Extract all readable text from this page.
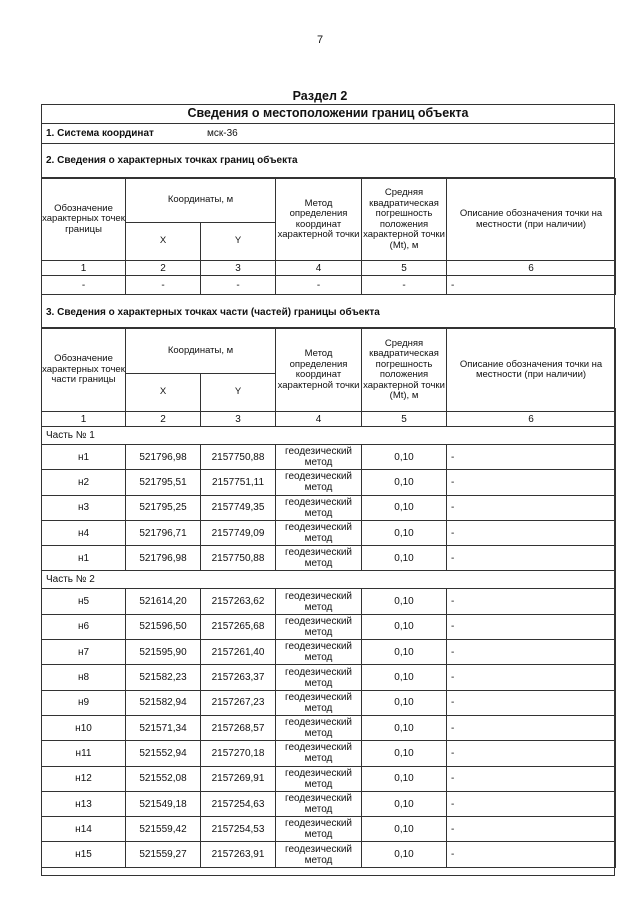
7
Раздел 2
Сведения о местоположении границ объекта
1. Система координат	мск-36
2. Сведения о характерных точках границ объекта
Обозначение характерных точек границы	Координаты, м		Метод определения координат характерной точки	Средняя квадратическая погрешность положения характерной точки (Mt), м	Описание обозначения точки на местности (при наличии)
	X	Y			
1	2	3	4	5	6
-	-	-	-	-	-
3. Сведения о характерных точках части (частей) границы объекта
Обозначение характерных точек части границы	Координаты, м		Метод определения координат характерной точки	Средняя квадратическая погрешность положения характерной точки (Mt), м	Описание обозначения точки на местности (при наличии)
	X	Y			
1	2	3	4	5	6
Часть № 1					
н1	521796,98	2157750,88	геодезический метод	0,10	-
н2	521795,51	2157751,11	геодезический метод	0,10	-
н3	521795,25	2157749,35	геодезический метод	0,10	-
н4	521796,71	2157749,09	геодезический метод	0,10	-
н1	521796,98	2157750,88	геодезический метод	0,10	-
Часть № 2					
н5	521614,20	2157263,62	геодезический метод	0,10	-
н6	521596,50	2157265,68	геодезический метод	0,10	-
н7	521595,90	2157261,40	геодезический метод	0,10	-
н8	521582,23	2157263,37	геодезический метод	0,10	-
н9	521582,94	2157267,23	геодезический метод	0,10	-
н10	521571,34	2157268,57	геодезический метод	0,10	-
н11	521552,94	2157270,18	геодезический метод	0,10	-
н12	521552,08	2157269,91	геодезический метод	0,10	-
н13	521549,18	2157254,63	геодезический метод	0,10	-
н14	521559,42	2157254,53	геодезический метод	0,10	-
н15	521559,27	2157263,91	геодезический метод	0,10	-
